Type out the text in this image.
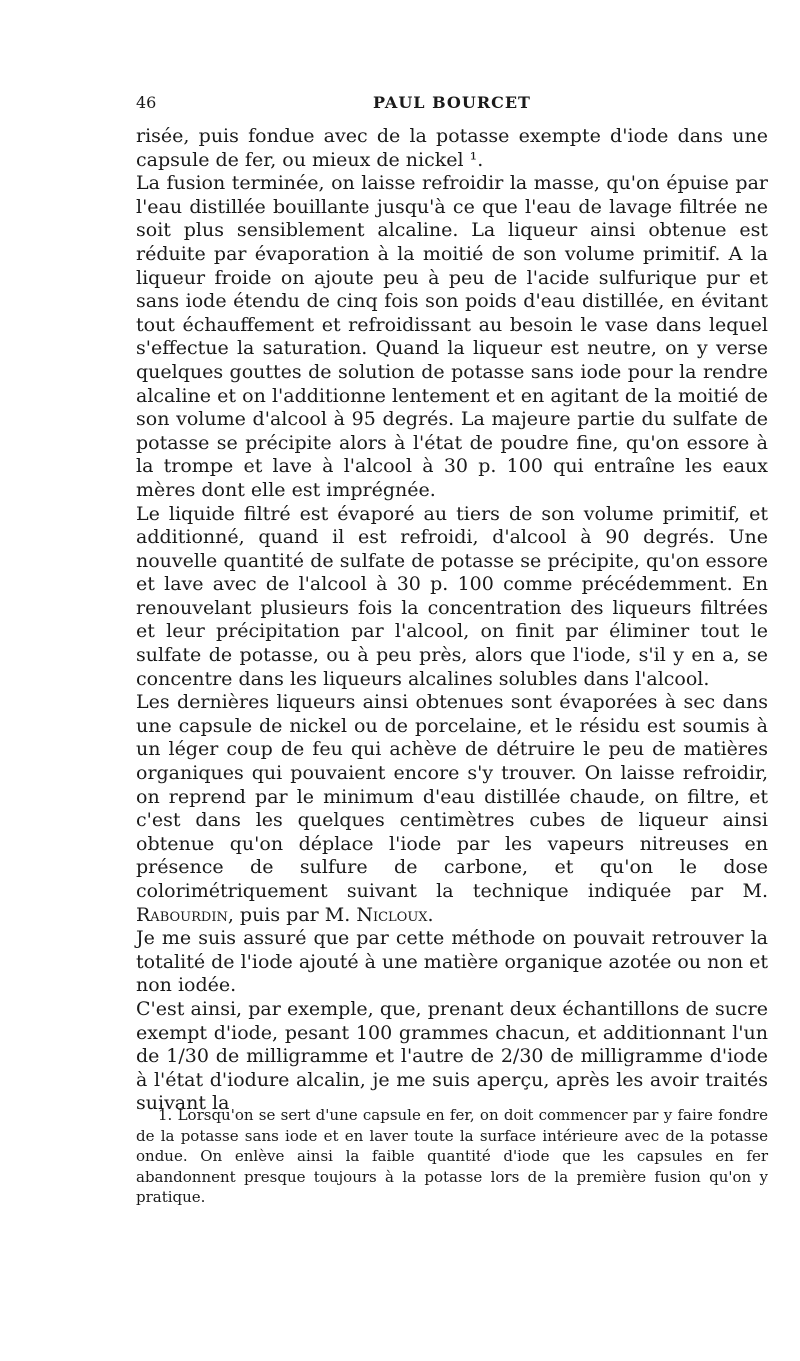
46	PAUL BOURCET

risée, puis fondue avec de la potasse exempte d'iode dans une capsule de fer, ou mieux de nickel ¹.

La fusion terminée, on laisse refroidir la masse, qu'on épuise par l'eau distillée bouillante jusqu'à ce que l'eau de lavage filtrée ne soit plus sensiblement alcaline. La liqueur ainsi obtenue est réduite par évaporation à la moitié de son volume primitif. A la liqueur froide on ajoute peu à peu de l'acide sulfurique pur et sans iode étendu de cinq fois son poids d'eau distillée, en évitant tout échauffement et refroidissant au besoin le vase dans lequel s'effectue la saturation. Quand la liqueur est neutre, on y verse quelques gouttes de solution de potasse sans iode pour la rendre alcaline et on l'additionne lentement et en agitant de la moitié de son volume d'alcool à 95 degrés. La majeure partie du sulfate de potasse se précipite alors à l'état de poudre fine, qu'on essore à la trompe et lave à l'alcool à 30 p. 100 qui entraîne les eaux mères dont elle est imprégnée.

Le liquide filtré est évaporé au tiers de son volume primitif, et additionné, quand il est refroidi, d'alcool à 90 degrés. Une nouvelle quantité de sulfate de potasse se précipite, qu'on essore et lave avec de l'alcool à 30 p. 100 comme précédemment. En renouvelant plusieurs fois la concentration des liqueurs filtrées et leur précipitation par l'alcool, on finit par éliminer tout le sulfate de potasse, ou à peu près, alors que l'iode, s'il y en a, se concentre dans les liqueurs alcalines solubles dans l'alcool.

Les dernières liqueurs ainsi obtenues sont évaporées à sec dans une capsule de nickel ou de porcelaine, et le résidu est soumis à un léger coup de feu qui achève de détruire le peu de matières organiques qui pouvaient encore s'y trouver. On laisse refroidir, on reprend par le minimum d'eau distillée chaude, on filtre, et c'est dans les quelques centimètres cubes de liqueur ainsi obtenue qu'on déplace l'iode par les vapeurs nitreuses en présence de sulfure de carbone, et qu'on le dose colorimétriquement suivant la technique indiquée par M. Rabourdin, puis par M. Nicloux.

Je me suis assuré que par cette méthode on pouvait retrouver la totalité de l'iode ajouté à une matière organique azotée ou non et non iodée.

C'est ainsi, par exemple, que, prenant deux échantillons de sucre exempt d'iode, pesant 100 grammes chacun, et additionnant l'un de 1/30 de milligramme et l'autre de 2/30 de milligramme d'iode à l'état d'iodure alcalin, je me suis aperçu, après les avoir traités suivant la

1. Lorsqu'on se sert d'une capsule en fer, on doit commencer par y faire fondre de la potasse sans iode et en laver toute la surface intérieure avec de la potasse ondue. On enlève ainsi la faible quantité d'iode que les capsules en fer abandonnent presque toujours à la potasse lors de la première fusion qu'on y pratique.
